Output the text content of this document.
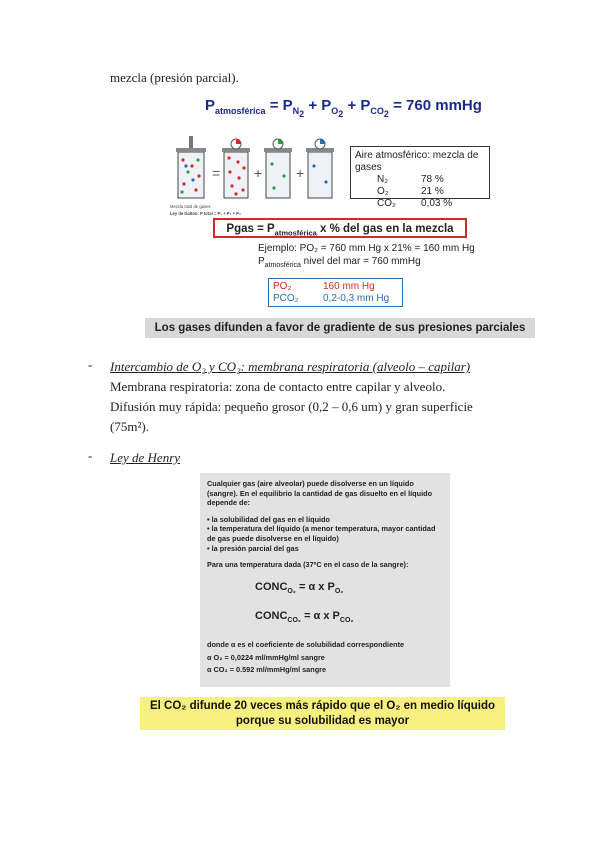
mezcla (presión parcial).
$P_{atmosférica} = P_{N_2} + P_{O_2} + P_{CO_2} = 760$ mmHg
= + +
Mezcla total de gases
Ley de Dalton: P total = P₁ + P₂ + P₃
Aire atmosférico: mezcla de gases
N₂	78 %
O₂	21 %
CO₂	0,03 %
Pgas = $P_{atmosférica}$ x % del gas en la mezcla
Ejemplo: PO₂ = 760 mm Hg x 21% = 160 mm Hg
$P_{atmosférica}$ nivel del mar = 760 mmHg
PO₂	160 mm Hg
PCO₂ 0,2-0,3 mm Hg
Los gases difunden a favor de gradiente de sus presiones parciales
- Intercambio de O₂ y CO₂: membrana respiratoria (alveolo – capilar)
Membrana respiratoria: zona de contacto entre capilar y alveolo.
Difusión muy rápida: pequeño grosor (0,2 – 0,6 um) y gran superficie
(75m²).
- Ley de Henry

Cualquier gas (aire alveolar) puede disolverse en un líquido (sangre). En el equilibrio la cantidad de gas disuelto en el líquido depende de:

• la solubilidad del gas en el líquido

• la temperatura del líquido (a menor temperatura, mayor cantidad de gas puede disolverse en el líquido)

• la presión parcial del gas

Para una temperatura dada (37ºC en el caso de la sangre):

$CONC_{O_2} = \alpha$ x $P_{O_2}$
$CONC_{CO_2} = \alpha$ x $P_{CO_2}$

donde α es el coeficiente de solubilidad correspondiente

α O₂ = 0,0224 ml/mmHg/ml sangre

α CO₂ = 0.592 ml/mmHg/ml sangre

El CO₂ difunde 20 veces más rápido que el O₂ en medio líquido
porque su solubilidad es mayor
